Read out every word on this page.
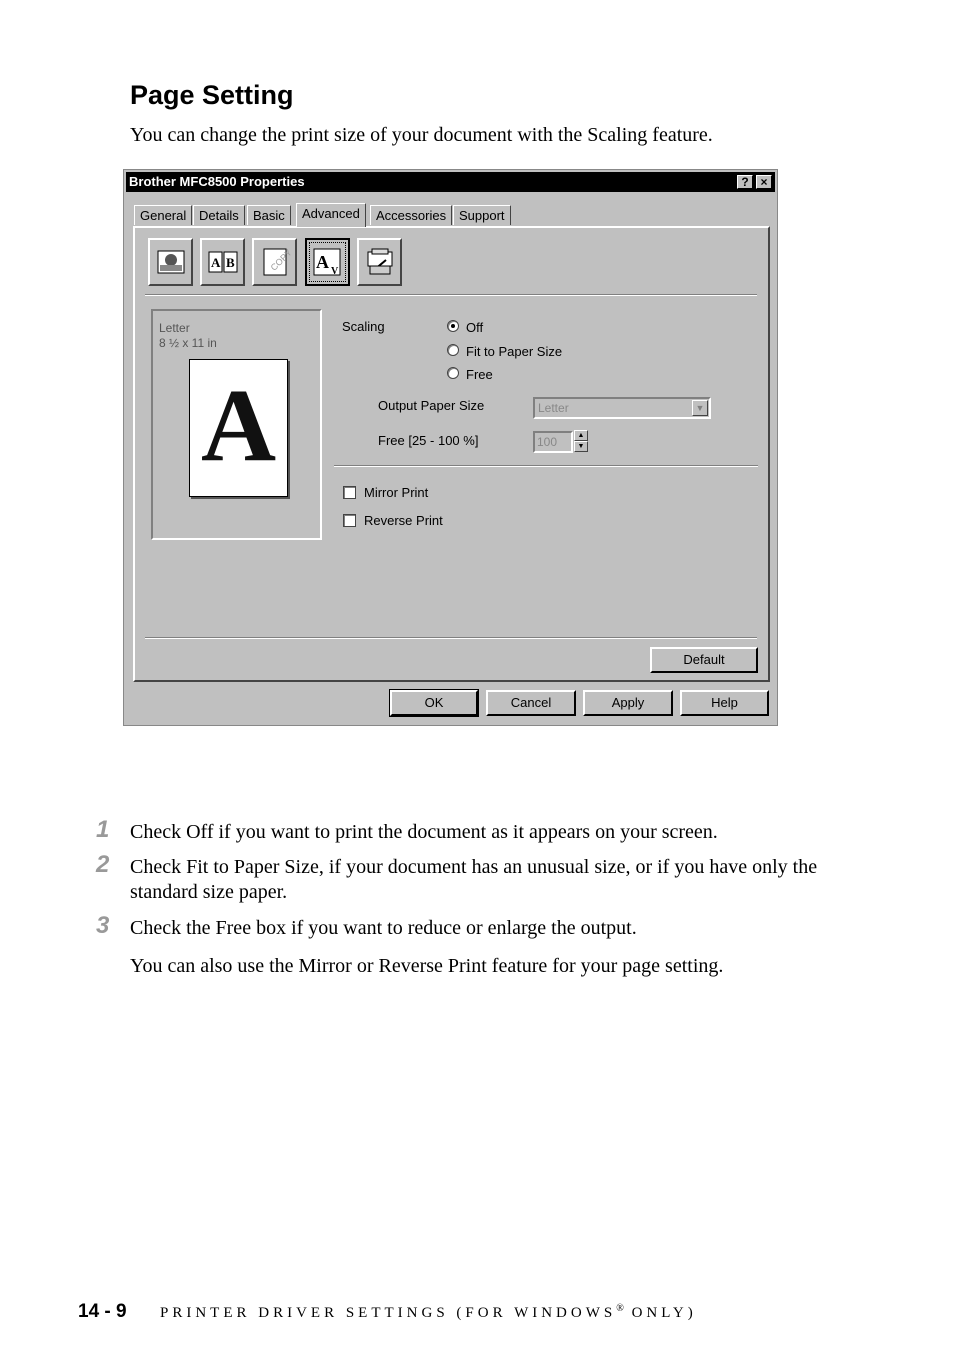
Page Setting
You can change the print size of your document with the Scaling feature.
Brother MFC8500 Properties	? ×
General Details	Basic	Advanced	Accessories Support
A B	COPY A V
Letter
8 ½ x 11 in
A
Scaling	Off
Fit to Paper Size
Free
Output Paper Size	Letter	▼
Free [25 - 100 %]	100	▲
▼
Mirror Print
Reverse Print
Default
OK	Cancel	Apply	Help
1 Check Off if you want to print the document as it appears on your screen.
2 Check Fit to Paper Size, if your document has an unusual size, or if you have only the standard size paper.
3 Check the Free box if you want to reduce or enlarge the output.
You can also use the Mirror or Reverse Print feature for your page setting.
14 - 9 PRINTER DRIVER SETTINGS (FOR WINDOWS® ONLY)
